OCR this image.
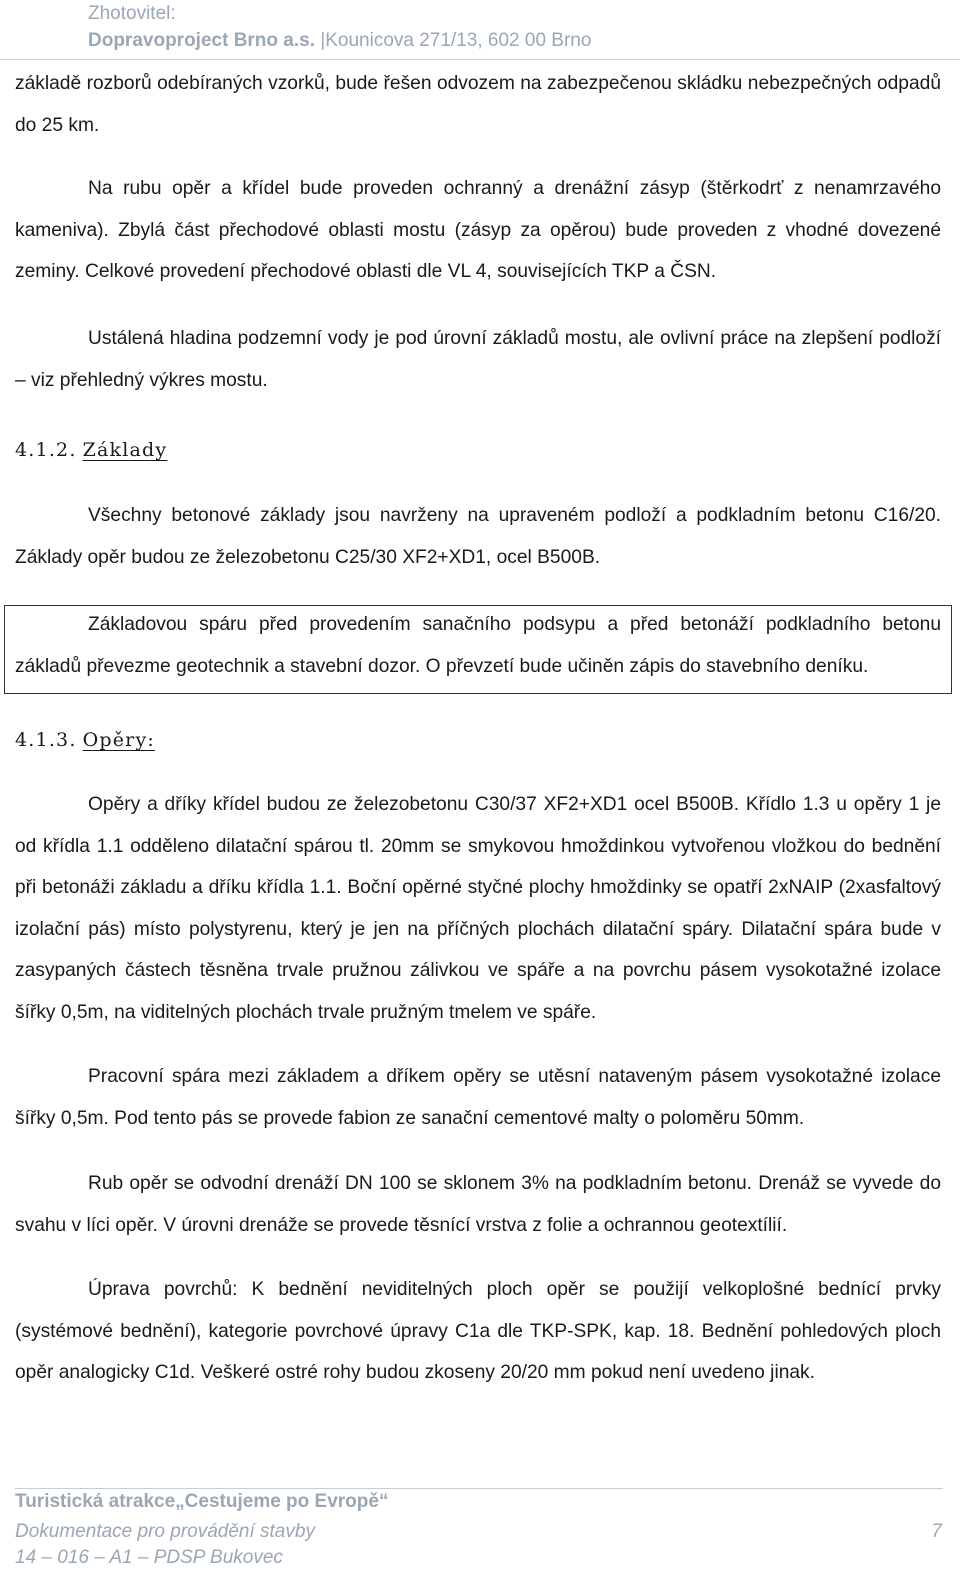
Zhotovitel:
Dopravoproject Brno a.s. |Kounicova 271/13, 602 00 Brno
základě rozborů odebíraných vzorků, bude řešen odvozem na zabezpečenou skládku nebezpečných odpadů do 25 km.
Na rubu opěr a křídel bude proveden ochranný a drenážní zásyp (štěrkodrť z nenamrzavého kameniva). Zbylá část přechodové oblasti mostu (zásyp za opěrou) bude proveden z vhodné dovezené zeminy. Celkové provedení přechodové oblasti dle VL 4, souvisejících TKP a ČSN.
Ustálená hladina podzemní vody je pod úrovní základů mostu, ale ovlivní práce na zlepšení podloží – viz přehledný výkres mostu.
4.1.2. Základy
Všechny betonové základy jsou navrženy na upraveném podloží a podkladním betonu C16/20. Základy opěr budou ze železobetonu C25/30 XF2+XD1, ocel B500B.
Základovou spáru před provedením sanačního podsypu a před betonáží podkladního betonu základů převezme geotechnik a stavební dozor. O převzetí bude učiněn zápis do stavebního deníku.
4.1.3. Opěry:
Opěry a dříky křídel budou ze železobetonu C30/37 XF2+XD1 ocel B500B. Křídlo 1.3 u opěry 1 je od křídla 1.1 odděleno dilatační spárou tl. 20mm se smykovou hmoždinkou vytvořenou vložkou do bednění při betonáži základu a dříku křídla 1.1. Boční opěrné styčné plochy hmoždinky se opatří 2xNAIP (2xasfaltový izolační pás) místo polystyrenu, který je jen na příčných plochách dilatační spáry. Dilatační spára bude v zasypaných částech těsněna trvale pružnou zálivkou ve spáře a na povrchu pásem vysokotažné izolace šířky 0,5m, na viditelných plochách trvale pružným tmelem ve spáře.
Pracovní spára mezi základem a dříkem opěry se utěsní nataveným pásem vysokotažné izolace šířky 0,5m. Pod tento pás se provede fabion ze sanační cementové malty o poloměru 50mm.
Rub opěr se odvodní drenáží DN 100 se sklonem 3% na podkladním betonu. Drenáž se vyvede do svahu v líci opěr. V úrovni drenáže se provede těsnící vrstva z folie a ochrannou geotextílií.
Úprava povrchů: K bednění neviditelných ploch opěr se použijí velkoplošné bednící prvky (systémové bednění), kategorie povrchové úpravy C1a dle TKP-SPK, kap. 18. Bednění pohledových ploch opěr analogicky C1d. Veškeré ostré rohy budou zkoseny 20/20 mm pokud není uvedeno jinak.
Turistická atrakce„Cestujeme po Evropě“
Dokumentace pro provádění stavby	7
14 – 016 – A1 – PDSP Bukovec
